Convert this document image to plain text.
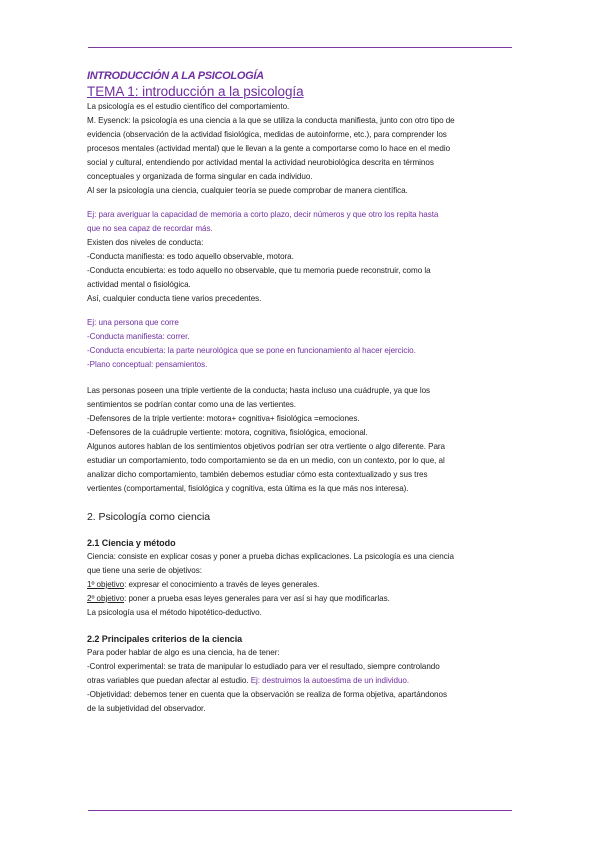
INTRODUCCIÓN A LA PSICOLOGÍA

TEMA 1: introducción a la psicología

La psicología es el estudio científico del comportamiento.

M. Eysenck: la psicología es una ciencia a la que se utiliza la conducta manifiesta, junto con otro tipo de

evidencia (observación de la actividad fisiológica, medidas de autoinforme, etc.), para comprender los

procesos mentales (actividad mental) que le llevan a la gente a comportarse como lo hace en el medio

social y cultural, entendiendo por actividad mental la actividad neurobiológica descrita en términos

conceptuales y organizada de forma singular en cada individuo.

Al ser la psicología una ciencia, cualquier teoría se puede comprobar de manera científica.

Ej: para averiguar la capacidad de memoria a corto plazo, decir números y que otro los repita hasta

que no sea capaz de recordar más.

Existen dos niveles de conducta:

-Conducta manifiesta: es todo aquello observable, motora.

-Conducta encubierta: es todo aquello no observable, que tu memoria puede reconstruir, como la

actividad mental o fisiológica.

Así, cualquier conducta tiene varios precedentes.

Ej: una persona que corre

-Conducta manifiesta: correr.

-Conducta encubierta: la parte neurológica que se pone en funcionamiento al hacer ejercicio.

-Plano conceptual: pensamientos.

Las personas poseen una triple vertiente de la conducta; hasta incluso una cuádruple, ya que los

sentimientos se podrían contar como una de las vertientes.

-Defensores de la triple vertiente: motora+ cognitiva+ fisiológica =emociones.

-Defensores de la cuádruple vertiente: motora, cognitiva, fisiológica, emocional.

Algunos autores hablan de los sentimientos objetivos podrían ser otra vertiente o algo diferente. Para

estudiar un comportamiento, todo comportamiento se da en un medio, con un contexto, por lo que, al

analizar dicho comportamiento, también debemos estudiar cómo esta contextualizado y sus tres

vertientes (comportamental, fisiológica y cognitiva, esta última es la que más nos interesa).

2. Psicología como ciencia

2.1 Ciencia y método

Ciencia: consiste en explicar cosas y poner a prueba dichas explicaciones. La psicología es una ciencia

que tiene una serie de objetivos:

1º objetivo: expresar el conocimiento a través de leyes generales.

2º objetivo: poner a prueba esas leyes generales para ver así si hay que modificarlas.

La psicología usa el método hipotético-deductivo.

2.2 Principales criterios de la ciencia

Para poder hablar de algo es una ciencia, ha de tener:

-Control experimental: se trata de manipular lo estudiado para ver el resultado, siempre controlando

otras variables que puedan afectar al estudio. Ej: destruimos la autoestima de un individuo.

-Objetividad: debemos tener en cuenta que la observación se realiza de forma objetiva, apartándonos

de la subjetividad del observador.
